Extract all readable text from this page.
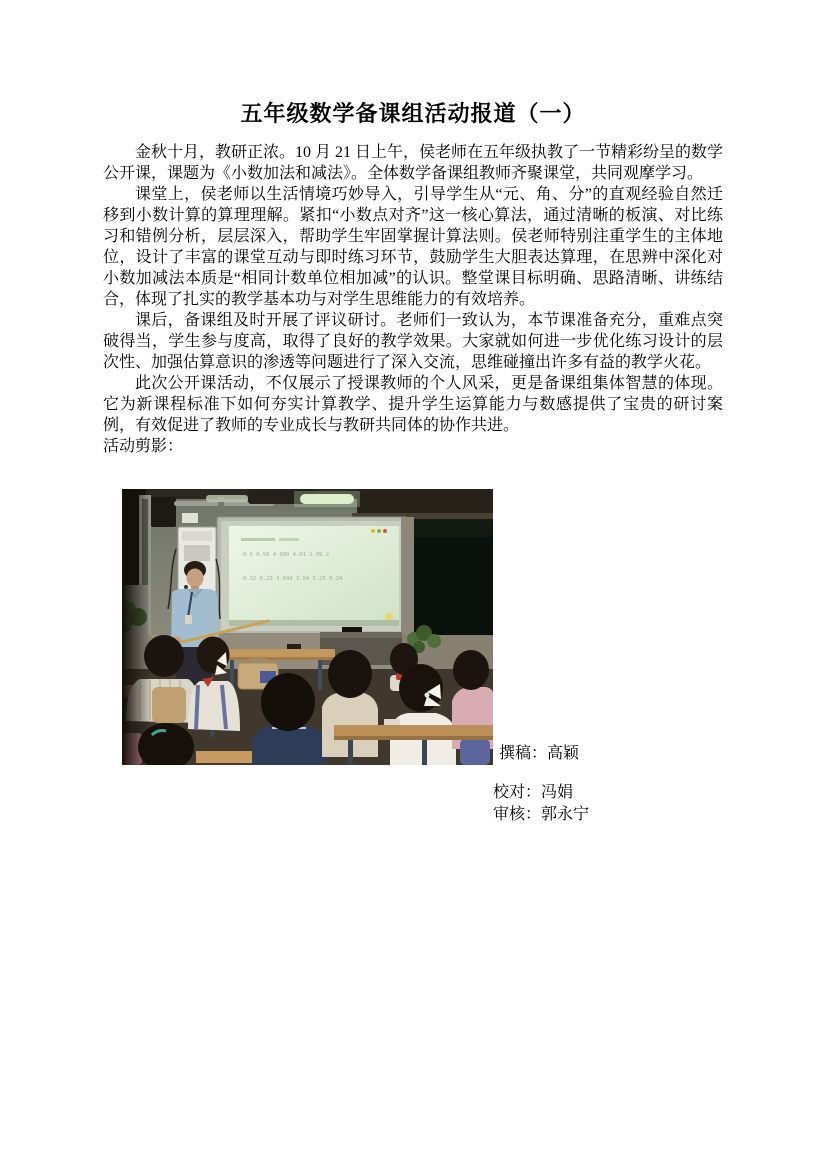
五年级数学备课组活动报道（一）

金秋十月，教研正浓。10 月 21 日上午，侯老师在五年级执教了一节精彩纷呈的数学公开课，课题为《小数加法和减法》。全体数学备课组教师齐聚课堂，共同观摩学习。

课堂上，侯老师以生活情境巧妙导入，引导学生从“元、角、分”的直观经验自然迁移到小数计算的算理理解。紧扣“小数点对齐”这一核心算法，通过清晰的板演、对比练习和错例分析，层层深入，帮助学生牢固掌握计算法则。侯老师特别注重学生的主体地位，设计了丰富的课堂互动与即时练习环节，鼓励学生大胆表达算理，在思辨中深化对小数加减法本质是“相同计数单位相加减”的认识。整堂课目标明确、思路清晰、讲练结合，体现了扎实的教学基本功与对学生思维能力的有效培养。

课后，备课组及时开展了评议研讨。老师们一致认为，本节课准备充分，重难点突破得当，学生参与度高，取得了良好的教学效果。大家就如何进一步优化练习设计的层次性、加强估算意识的渗透等问题进行了深入交流，思维碰撞出许多有益的教学火花。

此次公开课活动，不仅展示了授课教师的个人风采，更是备课组集体智慧的体现。它为新课程标准下如何夯实计算教学、提升学生运算能力与数感提供了宝贵的研讨案例，有效促进了教师的专业成长与教研共同体的协作共进。

活动剪影：

0.5 0.56 4.089 4.01 1.99 2
0.32 0.23 3.040 3.04 5.25 5.24
撰稿：高颖
校对：冯娟
审核：郭永宁
